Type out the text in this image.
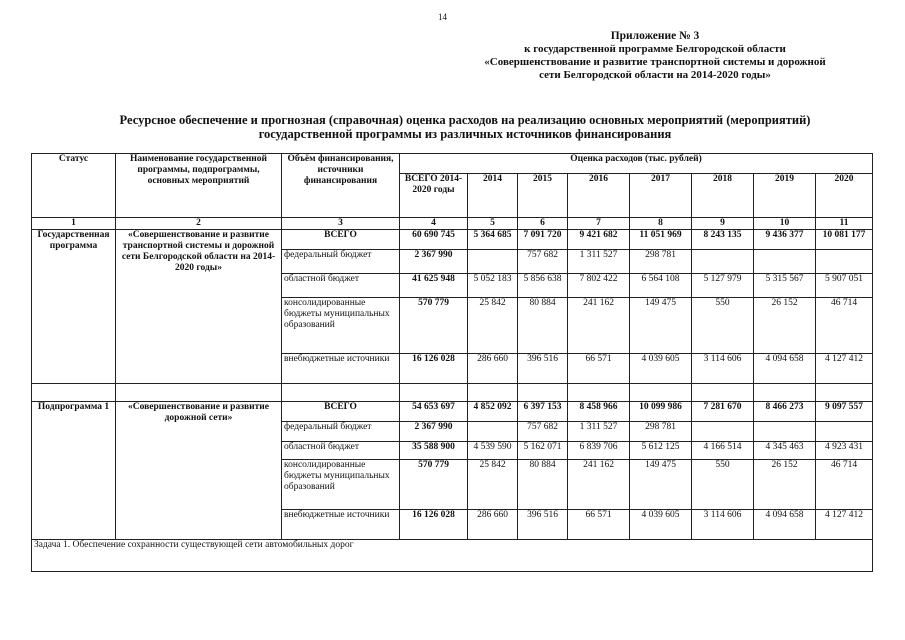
14
Приложение № 3
к государственной программе Белгородской области
«Совершенствование и развитие транспортной системы и дорожной
сети Белгородской области на 2014-2020 годы»
Ресурсное обеспечение и прогнозная (справочная) оценка расходов на реализацию основных мероприятий (мероприятий)
государственной программы из различных источников финансирования
Статус	Наименование государственной программы, подпрограммы, основных мероприятий	Объём финансирования, источники финансирования	Оценка расходов (тыс. рублей)							
			ВСЕГО 2014-2020 годы	2014	2015	2016	2017	2018	2019	2020
1	2	3	4	5	6	7	8	9	10	11
Государственная программа	«Совершенствование и развитие транспортной системы и дорожной сети Белгородской области на 2014-2020 годы»	ВСЕГО	60 690 745	5 364 685	7 091 720	9 421 682	11 051 969	8 243 135	9 436 377	10 081 177
		федеральный бюджет	2 367 990		757 682	1 311 527	298 781			
		областной бюджет	41 625 948	5 052 183	5 856 638	7 802 422	6 564 108	5 127 979	5 315 567	5 907 051
		консолидированные бюджеты муниципальных образований	570 779	25 842	80 884	241 162	149 475	550	26 152	46 714
		внебюджетные источники	16 126 028	286 660	396 516	66 571	4 039 605	3 114 606	4 094 658	4 127 412

Подпрограмма 1	«Совершенствование и развитие дорожной сети»	ВСЕГО	54 653 697	4 852 092	6 397 153	8 458 966	10 099 986	7 281 670	8 466 273	9 097 557
		федеральный бюджет	2 367 990		757 682	1 311 527	298 781			
		областной бюджет	35 588 900	4 539 590	5 162 071	6 839 706	5 612 125	4 166 514	4 345 463	4 923 431
		консолидированные бюджеты муниципальных образований	570 779	25 842	80 884	241 162	149 475	550	26 152	46 714
		внебюджетные источники	16 126 028	286 660	396 516	66 571	4 039 605	3 114 606	4 094 658	4 127 412
Задача 1. Обеспечение сохранности существующей сети автомобильных дорог										
